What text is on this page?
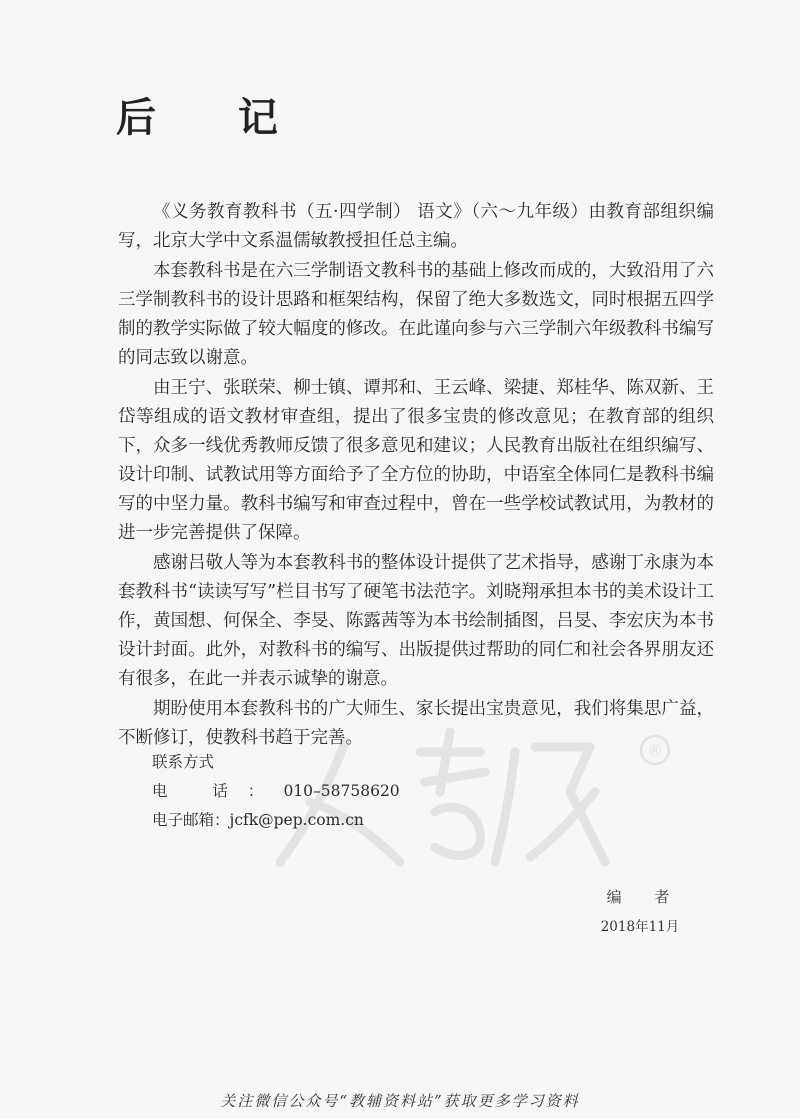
后 记

《义务教育教科书（五·四学制） 语文》（六～九年级）由教育部组织编写，北京大学中文系温儒敏教授担任总主编。

本套教科书是在六三学制语文教科书的基础上修改而成的，大致沿用了六三学制教科书的设计思路和框架结构，保留了绝大多数选文，同时根据五四学制的教学实际做了较大幅度的修改。在此谨向参与六三学制六年级教科书编写的同志致以谢意。

由王宁、张联荣、柳士镇、谭邦和、王云峰、梁捷、郑桂华、陈双新、王岱等组成的语文教材审查组，提出了很多宝贵的修改意见；在教育部的组织下，众多一线优秀教师反馈了很多意见和建议；人民教育出版社在组织编写、设计印制、试教试用等方面给予了全方位的协助，中语室全体同仁是教科书编写的中坚力量。教科书编写和审查过程中，曾在一些学校试教试用，为教材的进一步完善提供了保障。

感谢吕敬人等为本套教科书的整体设计提供了艺术指导，感谢丁永康为本套教科书“读读写写”栏目书写了硬笔书法范字。刘晓翔承担本书的美术设计工作，黄国想、何保全、李旻、陈露茜等为本书绘制插图，吕旻、李宏庆为本书设计封面。此外，对教科书的编写、出版提供过帮助的同仁和社会各界朋友还有很多，在此一并表示诚挚的谢意。

期盼使用本套教科书的广大师生、家长提出宝贵意见，我们将集思广益，不断修订，使教科书趋于完善。

®
联系方式
电 话：010–58758620
电子邮箱：jcfk@pep.com.cn
编 者
2018年11月
关注微信公众号“教辅资料站”获取更多学习资料
